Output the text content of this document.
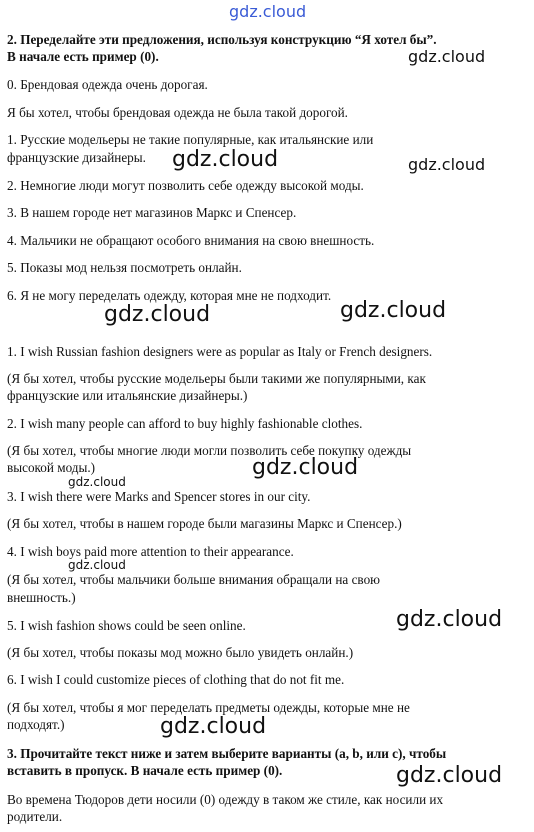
gdz.cloud
gdz.cloud
gdz.cloud	gdz.cloud
gdz.cloud	gdz.cloud
gdz.cloud
gdz.cloud
gdz.cloud
gdz.cloud
gdz.cloud
gdz.cloud
2. Переделайте эти предложения, используя конструкцию “Я хотел бы”.
В начале есть пример (0).
0. Брендовая одежда очень дорогая.
Я бы хотел, чтобы брендовая одежда не была такой дорогой.
1. Русские модельеры не такие популярные, как итальянские или
французские дизайнеры.
2. Немногие люди могут позволить себе одежду высокой моды.
3. В нашем городе нет магазинов Маркс и Спенсер.
4. Мальчики не обращают особого внимания на свою внешность.
5. Показы мод нельзя посмотреть онлайн.
6. Я не могу переделать одежду, которая мне не подходит.
1. I wish Russian fashion designers were as popular as Italy or French designers.
(Я бы хотел, чтобы русские модельеры были такими же популярными, как
французские или итальянские дизайнеры.)
2. I wish many people can afford to buy highly fashionable clothes.
(Я бы хотел, чтобы многие люди могли позволить себе покупку одежды
высокой моды.)
3. I wish there were Marks and Spencer stores in our city.
(Я бы хотел, чтобы в нашем городе были магазины Маркс и Спенсер.)
4. I wish boys paid more attention to their appearance.
(Я бы хотел, чтобы мальчики больше внимания обращали на свою
внешность.)
5. I wish fashion shows could be seen online.
(Я бы хотел, чтобы показы мод можно было увидеть онлайн.)
6. I wish I could customize pieces of clothing that do not fit me.
(Я бы хотел, чтобы я мог переделать предметы одежды, которые мне не
подходят.)
3. Прочитайте текст ниже и затем выберите варианты (a, b, или c), чтобы
вставить в пропуск. В начале есть пример (0).
Во времена Тюдоров дети носили (0) одежду в таком же стиле, как носили их
родители.
